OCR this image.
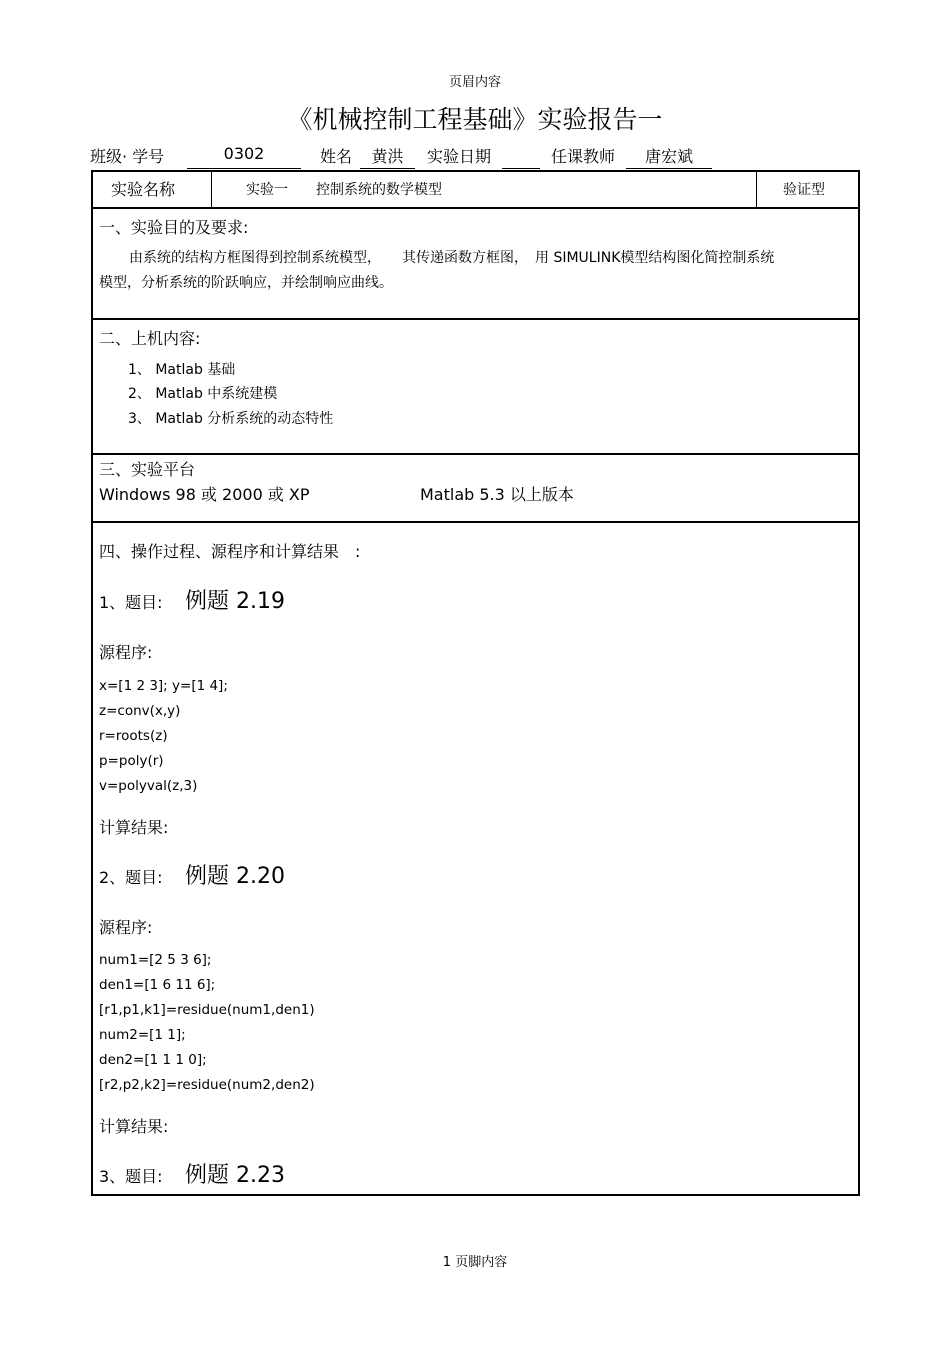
页眉内容
1 页脚内容
《机械控制工程基础》实验报告一
班级· 学号	0302	姓名	黄洪	实验日期	任课教师	唐宏斌
实验名称	实验一　　控制系统的数学模型	验证型
一、实验目的及要求:
由系统的结构方框图得到控制系统模型，　　其传递函数方框图，　用 SIMULINK模型结构图化简控制系统
模型，分析系统的阶跃响应，并绘制响应曲线。
二、上机内容:
1、 Matlab 基础
2、 Matlab 中系统建模
3、 Matlab 分析系统的动态特性
三、实验平台
Windows 98 或 2000 或 XP	Matlab 5.3 以上版本
四、操作过程、源程序和计算结果　:
1、题目: 例题 2.19
源程序:
x=[1 2 3]; y=[1 4];
z=conv(x,y)
r=roots(z)
p=poly(r)
v=polyval(z,3)
计算结果:
2、题目: 例题 2.20
源程序:
num1=[2 5 3 6];
den1=[1 6 11 6];
[r1,p1,k1]=residue(num1,den1)
num2=[1 1];
den2=[1 1 1 0];
[r2,p2,k2]=residue(num2,den2)
计算结果:
3、题目: 例题 2.23
